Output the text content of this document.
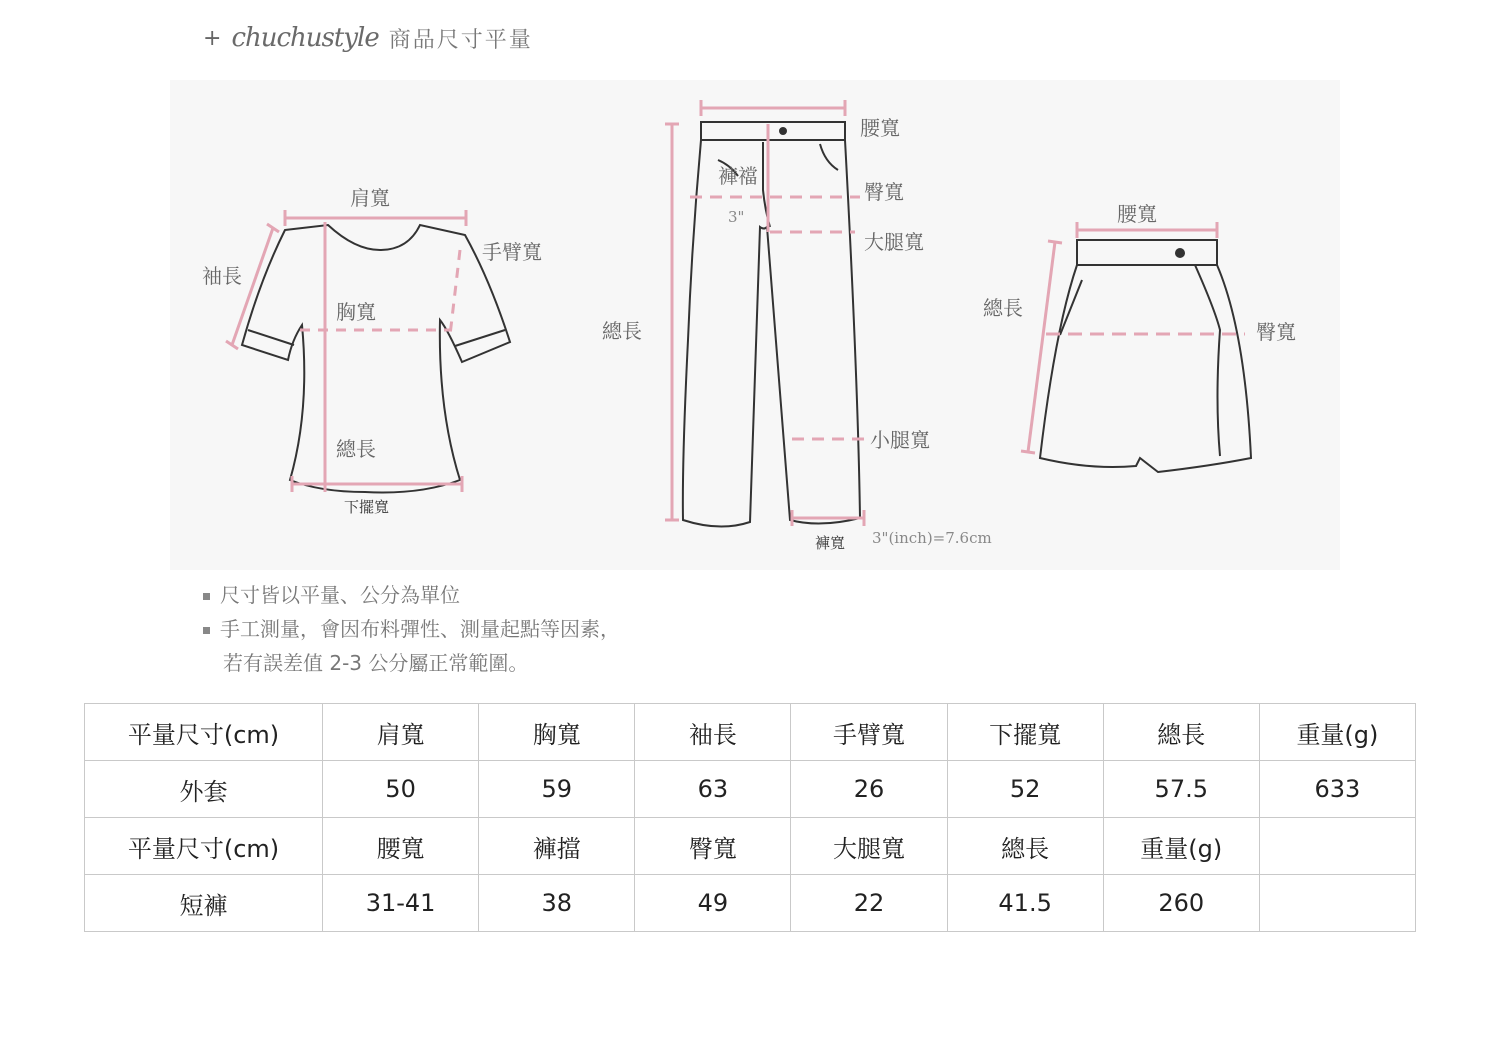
+ chuchustyle 商品尺寸平量
肩寬
手臂寬
袖長
胸寬
總長
下擺寬
腰寬
褲襠
3"
臀寬
大腿寬
總長
小腿寬
褲寬 3"(inch)=7.6cm
腰寬
總長
臀寬
尺寸皆以平量、公分為單位
手工測量，會因布料彈性、測量起點等因素，
若有誤差值 2-3 公分屬正常範圍。
平量尺寸(cm)	肩寬	胸寬	袖長	手臂寬	下擺寬	總長	重量(g)
外套	50	59	63	26	52	57.5	633
平量尺寸(cm)	腰寬	褲擋	臀寬	大腿寬	總長	重量(g)	
短褲	31-41	38	49	22	41.5	260	
